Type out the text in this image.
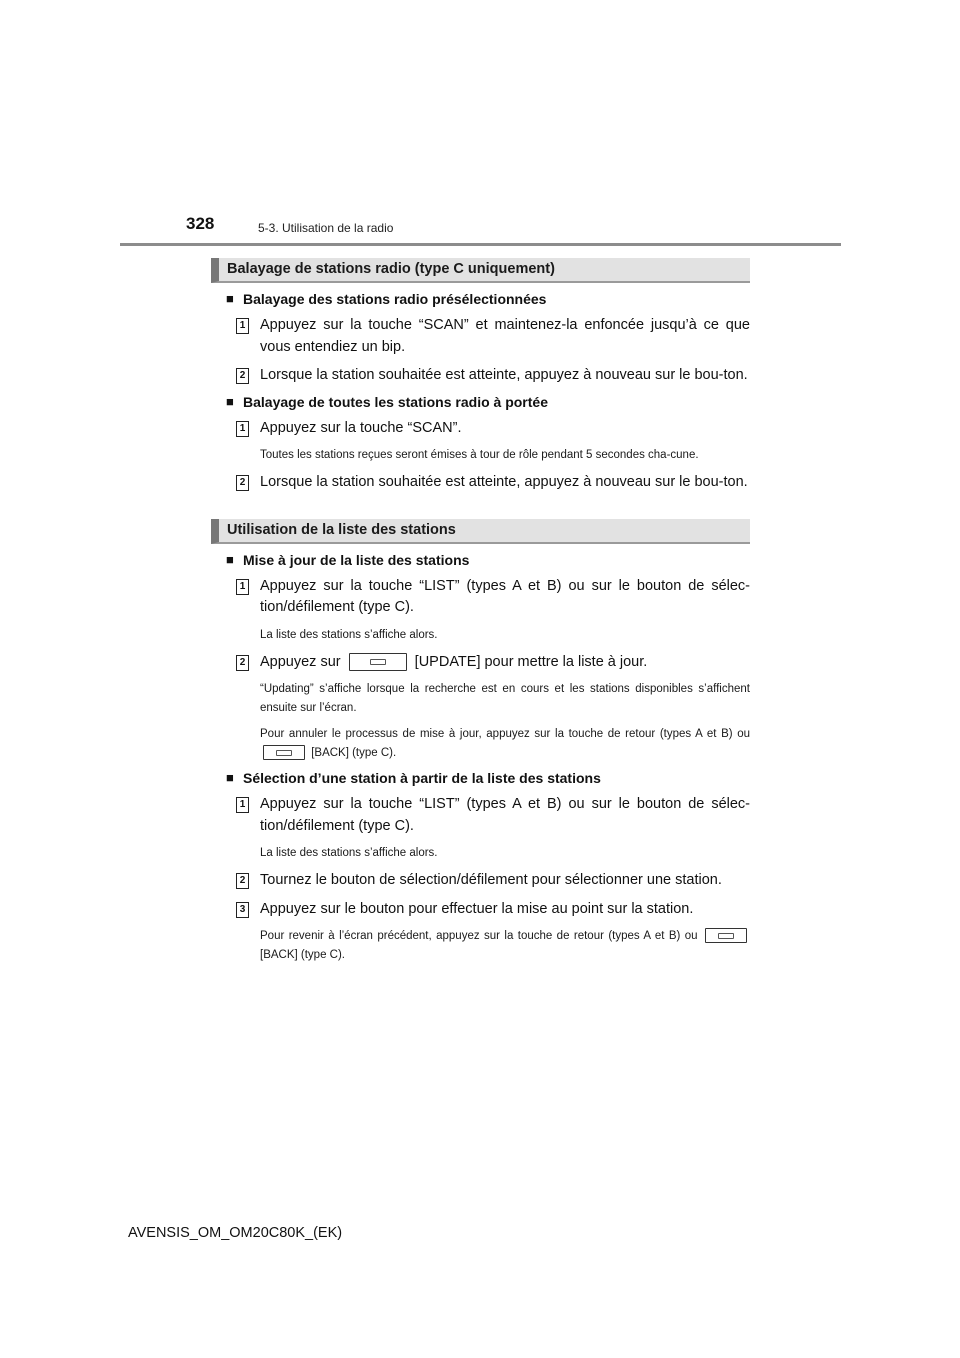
328	5-3. Utilisation de la radio
Balayage de stations radio (type C uniquement)
■ Balayage des stations radio présélectionnées
1 Appuyez sur la touche “SCAN” et maintenez-la enfoncée jusqu’à ce que vous entendiez un bip.
2 Lorsque la station souhaitée est atteinte, appuyez à nouveau sur le bou-ton.
■ Balayage de toutes les stations radio à portée
1 Appuyez sur la touche “SCAN”.
Toutes les stations reçues seront émises à tour de rôle pendant 5 secondes cha-cune.
2 Lorsque la station souhaitée est atteinte, appuyez à nouveau sur le bou-ton.
Utilisation de la liste des stations
■ Mise à jour de la liste des stations
1 Appuyez sur la touche “LIST” (types A et B) ou sur le bouton de sélec-tion/défilement (type C).
La liste des stations s’affiche alors.
2 Appuyez sur	[UPDATE] pour mettre la liste à jour.
“Updating” s’affiche lorsque la recherche est en cours et les stations disponibles s’affichent ensuite sur l’écran.
Pour annuler le processus de mise à jour, appuyez sur la touche de retour (types A et B) ou
[BACK] (type C).
■ Sélection d’une station à partir de la liste des stations
1 Appuyez sur la touche “LIST” (types A et B) ou sur le bouton de sélec-tion/défilement (type C).
La liste des stations s’affiche alors.
2 Tournez le bouton de sélection/défilement pour sélectionner une station.
3 Appuyez sur le bouton pour effectuer la mise au point sur la station.
Pour revenir à l’écran précédent, appuyez sur la touche de retour (types A et B) ou
[BACK] (type C).
AVENSIS_OM_OM20C80K_(EK)
